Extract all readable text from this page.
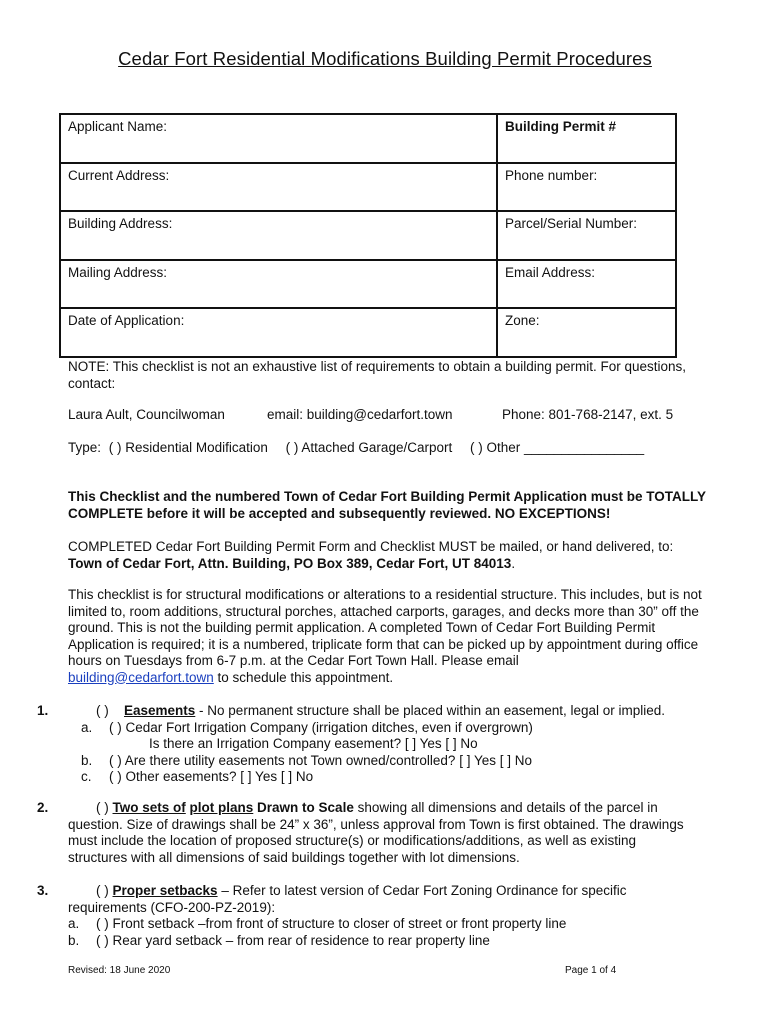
Cedar Fort Residential Modifications Building Permit Procedures
Applicant Name:	Building Permit #
Current Address:	Phone number:
Building Address:	Parcel/Serial Number:
Mailing Address:	Email Address:
Date of Application:	Zone:
NOTE: This checklist is not an exhaustive list of requirements to obtain a building permit. For questions, contact:
Laura Ault, Councilwoman	email: building@cedarfort.town	Phone: 801-768-2147, ext. 5
Type: ( ) Residential Modification ( ) Attached Garage/Carport ( ) Other ________________
This Checklist and the numbered Town of Cedar Fort Building Permit Application must be TOTALLY COMPLETE before it will be accepted and subsequently reviewed. NO EXCEPTIONS!
COMPLETED Cedar Fort Building Permit Form and Checklist MUST be mailed, or hand delivered, to:
Town of Cedar Fort, Attn. Building, PO Box 389, Cedar Fort, UT 84013.
This checklist is for structural modifications or alterations to a residential structure. This includes, but is not limited to, room additions, structural porches, attached carports, garages, and decks more than 30” off the ground. This is not the building permit application. A completed Town of Cedar Fort Building Permit Application is required; it is a numbered, triplicate form that can be picked up by appointment during office hours on Tuesdays from 6-7 p.m. at the Cedar Fort Town Hall. Please email
building@cedarfort.town to schedule this appointment.
1.	( ) Easements - No permanent structure shall be placed within an easement, legal or implied.
a. ( ) Cedar Fort Irrigation Company (irrigation ditches, even if overgrown)
Is there an Irrigation Company easement? [ ] Yes [ ] No
b. ( ) Are there utility easements not Town owned/controlled? [ ] Yes [ ] No
c. ( ) Other easements? [ ] Yes [ ] No
2.	( ) Two sets of plot plans Drawn to Scale showing all dimensions and details of the parcel in question. Size of drawings shall be 24” x 36”, unless approval from Town is first obtained. The drawings must include the location of proposed structure(s) or modifications/additions, as well as existing structures with all dimensions of said buildings together with lot dimensions.
3.	( ) Proper setbacks – Refer to latest version of Cedar Fort Zoning Ordinance for specific requirements (CFO-200-PZ-2019):
a. ( ) Front setback –from front of structure to closer of street or front property line
b. ( ) Rear yard setback – from rear of residence to rear property line
Revised: 18 June 2020	Page 1 of 4
